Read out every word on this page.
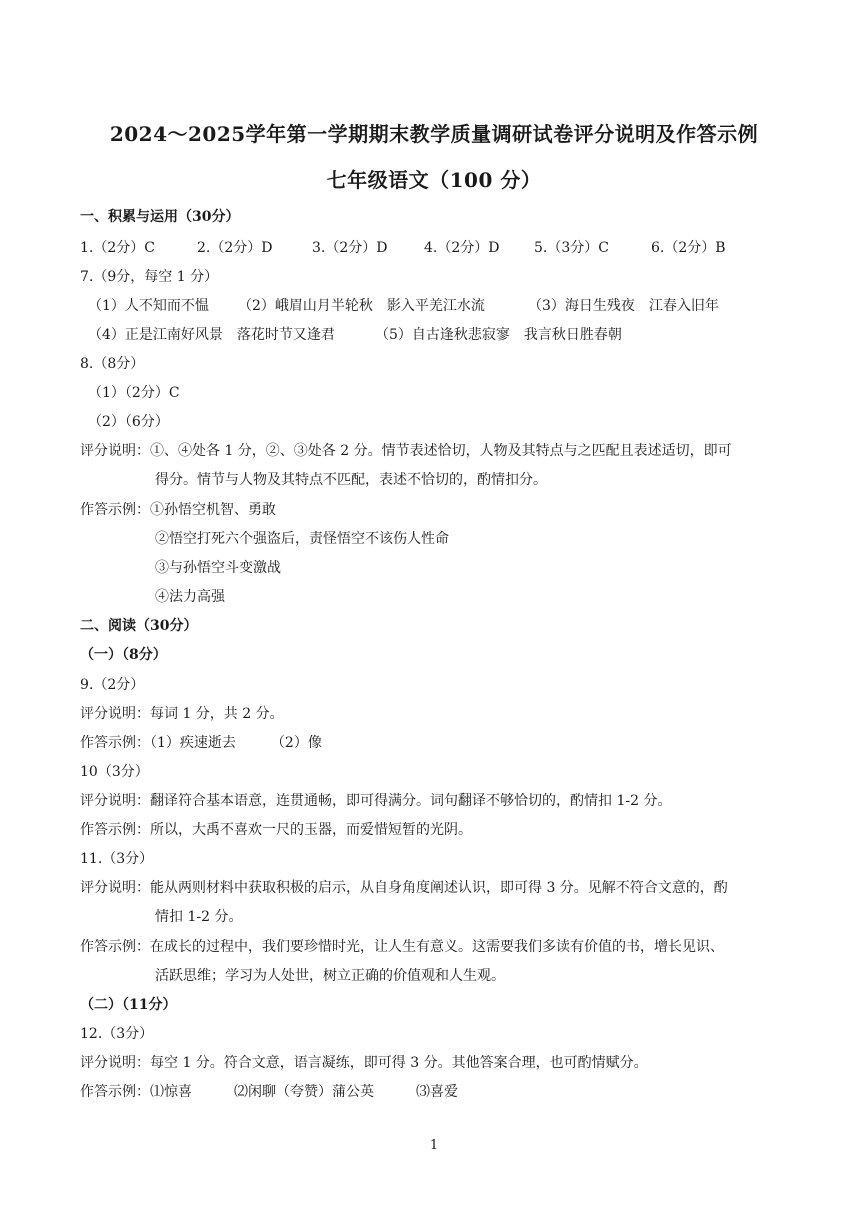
2024～2025学年第一学期期末教学质量调研试卷评分说明及作答示例
七年级语文（100 分）
一、积累与运用（30分）
1.（2分）C	2.（2分）D	3.（2分）D	4.（2分）D 5.（3分）C	6.（2分）B
7.（9分，每空 1 分）
（1）人不知而不愠 （2）峨眉山月半轮秋　影入平羌江水流	（3）海日生残夜　江春入旧年
（4）正是江南好风景　落花时节又逢君	（5）自古逢秋悲寂寥　我言秋日胜春朝
8.（8分）
（1）（2分）C
（2）（6分）
评分说明：①、④处各 1 分，②、③处各 2 分。情节表述恰切，人物及其特点与之匹配且表述适切，即可
得分。情节与人物及其特点不匹配，表述不恰切的，酌情扣分。
作答示例：①孙悟空机智、勇敢
②悟空打死六个强盗后，责怪悟空不该伤人性命
③与孙悟空斗变激战
④法力高强
二、阅读（30分）
（一）（8分）
9.（2分）
评分说明：每词 1 分，共 2 分。
作答示例：（1）疾速逝去　　　（2）像
10（3分）
评分说明：翻译符合基本语意，连贯通畅，即可得满分。词句翻译不够恰切的，酌情扣 1-2 分。
作答示例：所以，大禹不喜欢一尺的玉器，而爱惜短暂的光阴。
11.（3分）
评分说明：能从两则材料中获取积极的启示，从自身角度阐述认识，即可得 3 分。见解不符合文意的，酌
情扣 1-2 分。
作答示例：在成长的过程中，我们要珍惜时光，让人生有意义。这需要我们多读有价值的书，增长见识、
活跃思维；学习为人处世，树立正确的价值观和人生观。
（二）（11分）
12.（3分）
评分说明：每空 1 分。符合文意，语言凝练，即可得 3 分。其他答案合理，也可酌情赋分。
作答示例：⑴惊喜　　　⑵闲聊（夸赞）蒲公英　　　⑶喜爱
1
